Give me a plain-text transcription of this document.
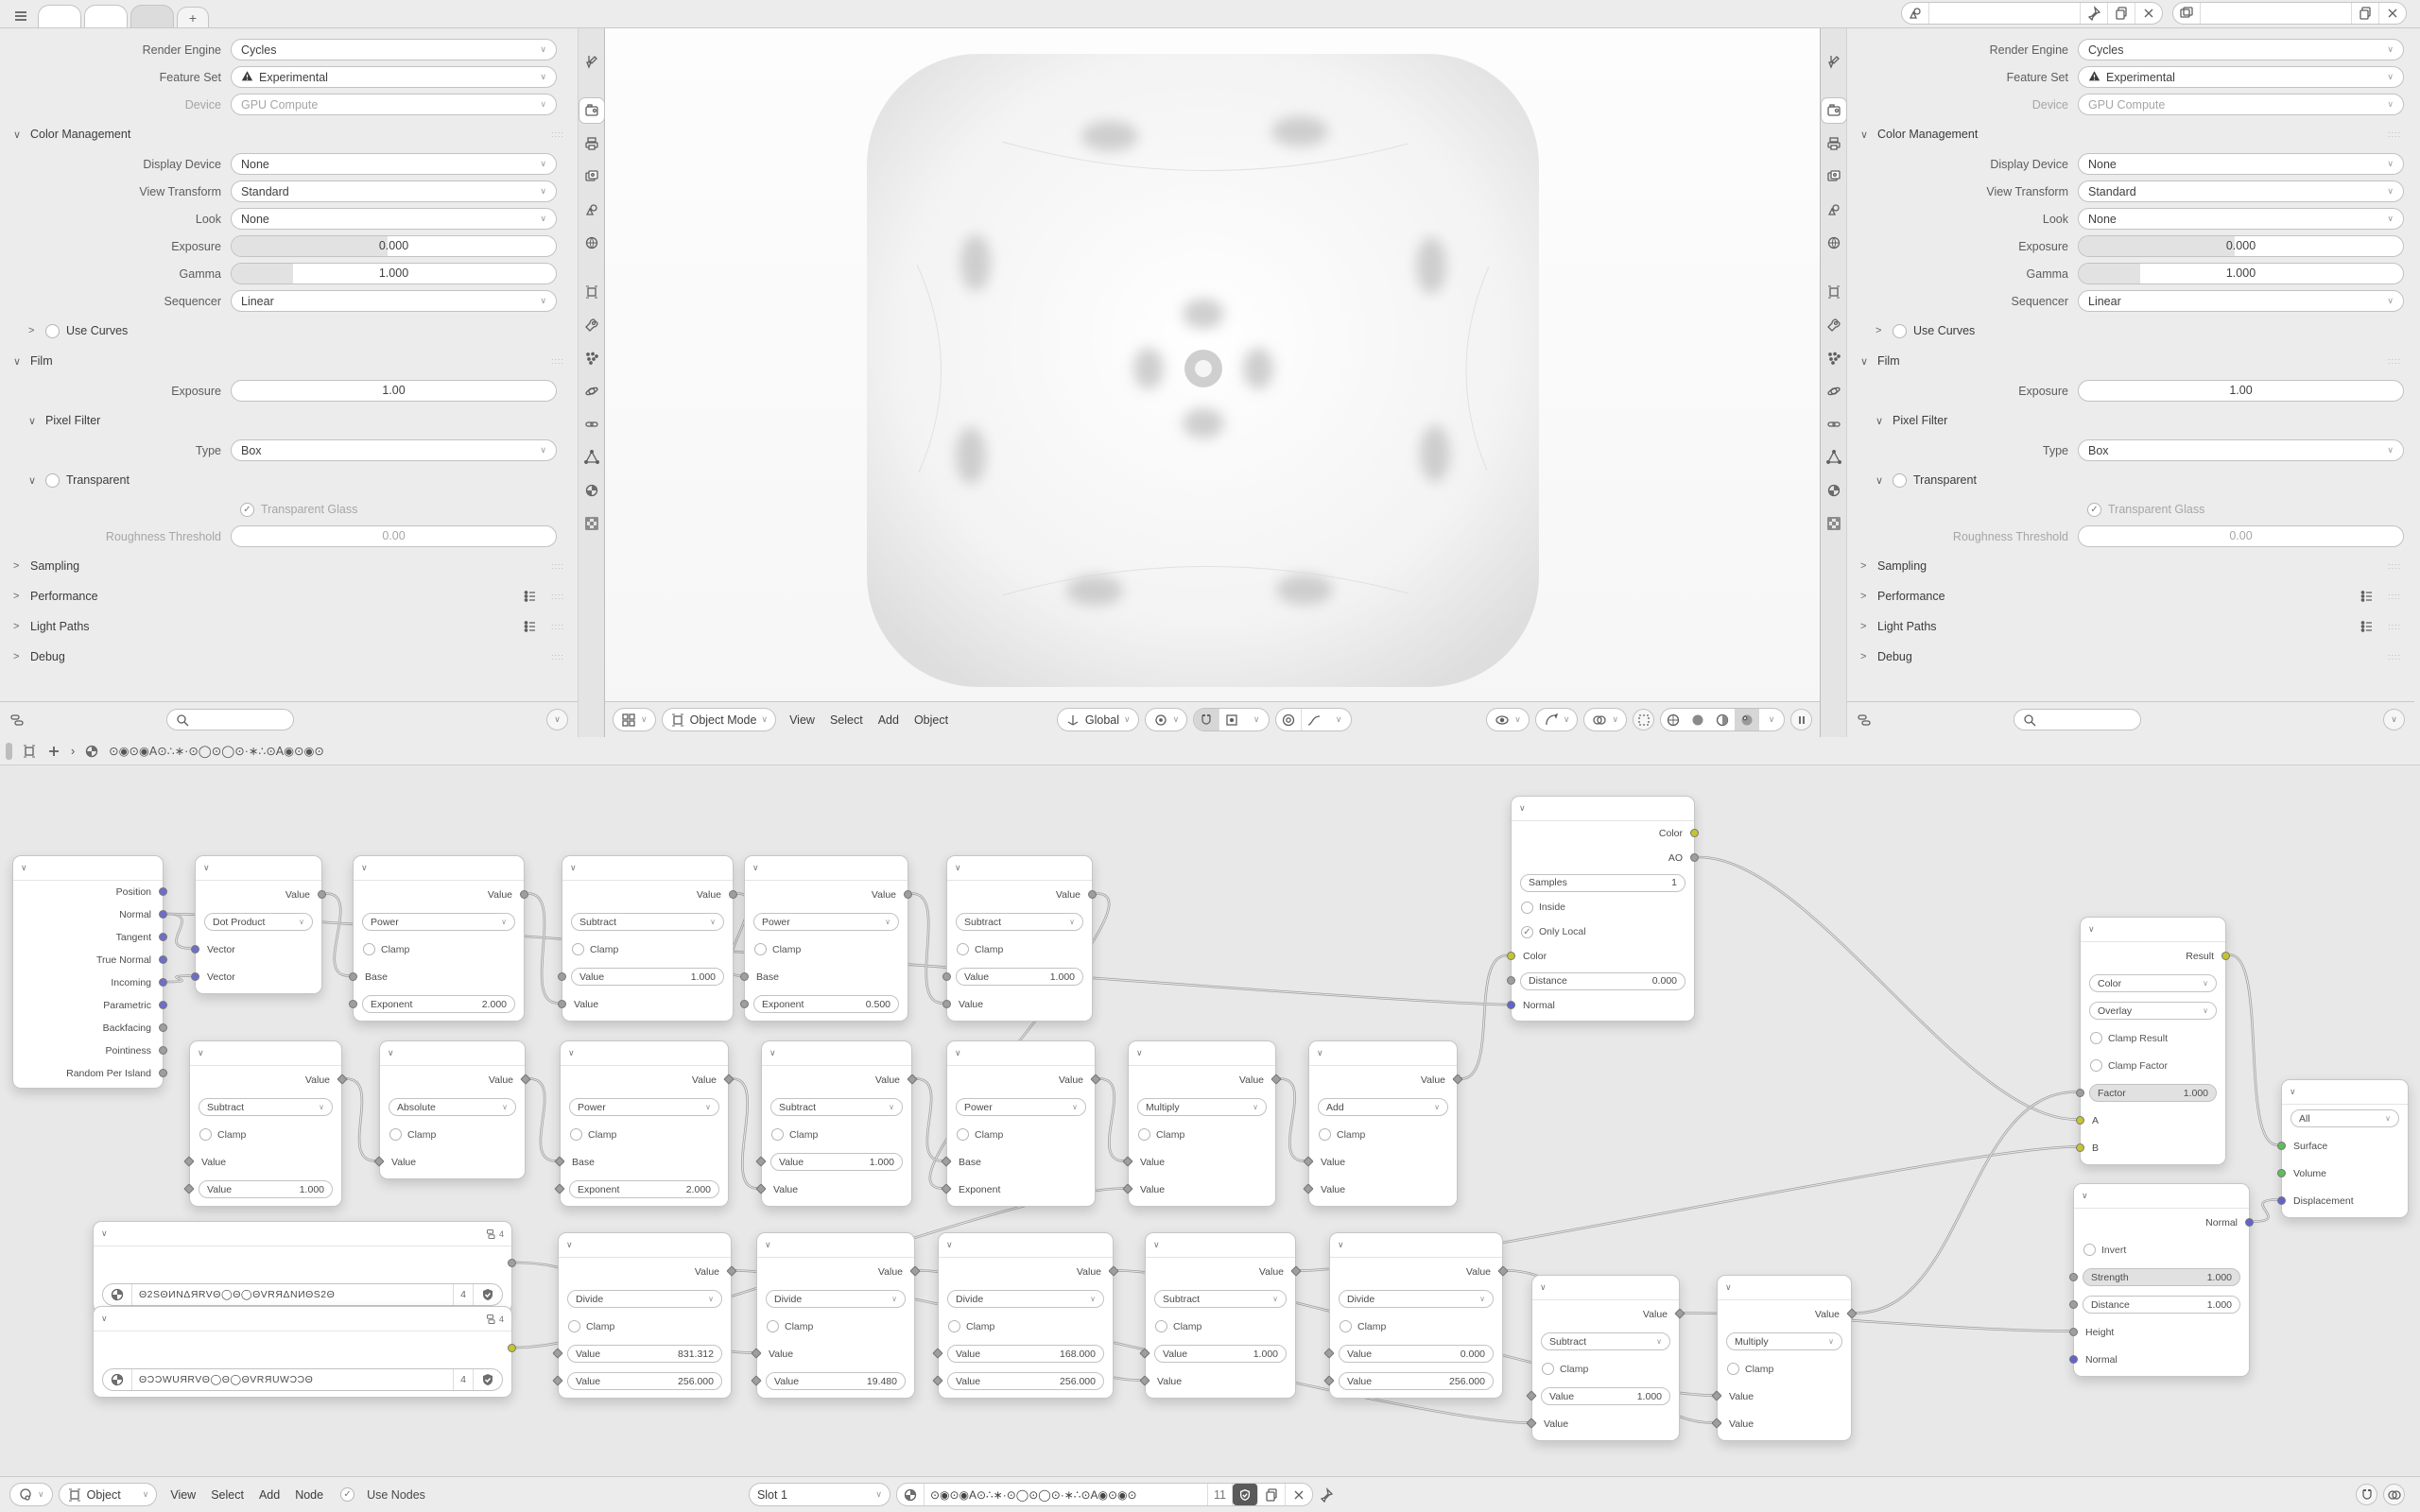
+
Render Engine	Cycles	∨
Feature Set	Experimental	∨
Device	GPU Compute	∨
∨ Color Management	::::
Display Device	None	∨
View Transform	Standard	∨
Look	None	∨
Exposure	0.000
Gamma	1.000
Sequencer	Linear	∨
>	Use Curves
∨ Film	::::
Exposure	1.00
∨ Pixel Filter
Type	Box	∨
∨	Transparent
✓
Transparent Glass
Roughness Threshold	0.00
> Sampling	::::
> Performance	::::
> Light Paths	::::
> Debug	::::
∨	∨	Object Mode ∨	View	Select	Add	Object	Global ∨	∨	∨	∨	∨	∨	∨	∨
Render Engine	Cycles	∨
Feature Set	Experimental	∨
Device	GPU Compute	∨
∨ Color Management	::::
Display Device	None	∨
View Transform	Standard	∨
Look	None	∨
Exposure	0.000
Gamma	1.000
Sequencer	Linear	∨
>	Use Curves
∨ Film	::::
Exposure	1.00
∨ Pixel Filter
Type	Box	∨
∨	Transparent
✓
Transparent Glass
Roughness Threshold	0.00
> Sampling	::::
> Performance	::::
> Light Paths	::::
> Debug	::::
∨
›	⊙◉⊙◉A⊙∴∗·⊙◯⊙◯⊙·∗∴⊙A◉⊙◉⊙
∨
Position
Normal
Tangent
True Normal
Incoming
Parametric
Backfacing
Pointiness
Random Per Island
∨
Value
Dot Product	∨
Vector
Vector
∨
Value
Power	∨
Clamp
Base
Exponent	2.000
∨
Value
Subtract	∨
Clamp
Value	1.000
Value
∨
Value
Power	∨
Clamp
Base
Exponent	0.500
∨
Value
Subtract	∨
Clamp
Value	1.000
Value
∨
Color
AO
Samples	1
Inside
✓
Only Local
Color
Distance	0.000
Normal
∨
Value
Subtract	∨
Clamp
Value
Value	1.000
∨
Value
Absolute	∨
Clamp
Value
∨
Value
Power	∨
Clamp
Base
Exponent	2.000
∨
Value
Subtract	∨
Clamp
Value	1.000
Value
∨
Value
Power	∨
Clamp
Base
Exponent
∨
Value
Multiply	∨
Clamp
Value
Value
∨
Value
Add	∨
Clamp
Value
Value
∨	4
Θ2SΘИNΔЯRVΘ◯Θ◯ΘVRЯΔNИΘS2Θ	4
∨	4
ΘƆƆWUЯRVΘ◯Θ◯ΘVRЯUWƆƆΘ	4
∨
Value
Divide	∨
Clamp
Value	831.312
Value	256.000
∨
Value
Divide	∨
Clamp
Value
Value	19.480
∨
Value
Divide	∨
Clamp
Value	168.000
Value	256.000
∨
Value
Subtract	∨
Clamp
Value	1.000
Value
∨
Value
Divide	∨
Clamp
Value	0.000
Value	256.000
∨
Value
Subtract	∨
Clamp
Value	1.000
Value
∨
Value
Multiply	∨
Clamp
Value
Value
∨
Result
Color	∨
Overlay	∨
Clamp Result
Clamp Factor
Factor	1.000
A
B
∨
All	∨
Surface
Volume
Displacement
∨
Normal
Invert
Strength	1.000
Distance	1.000
Height
Normal
∨	Object	∨	View	Select	Add	Node ✓	Use Nodes	Slot 1	∨	⊙◉⊙◉A⊙∴∗·⊙◯⊙◯⊙·∗∴⊙A◉⊙◉⊙	11
